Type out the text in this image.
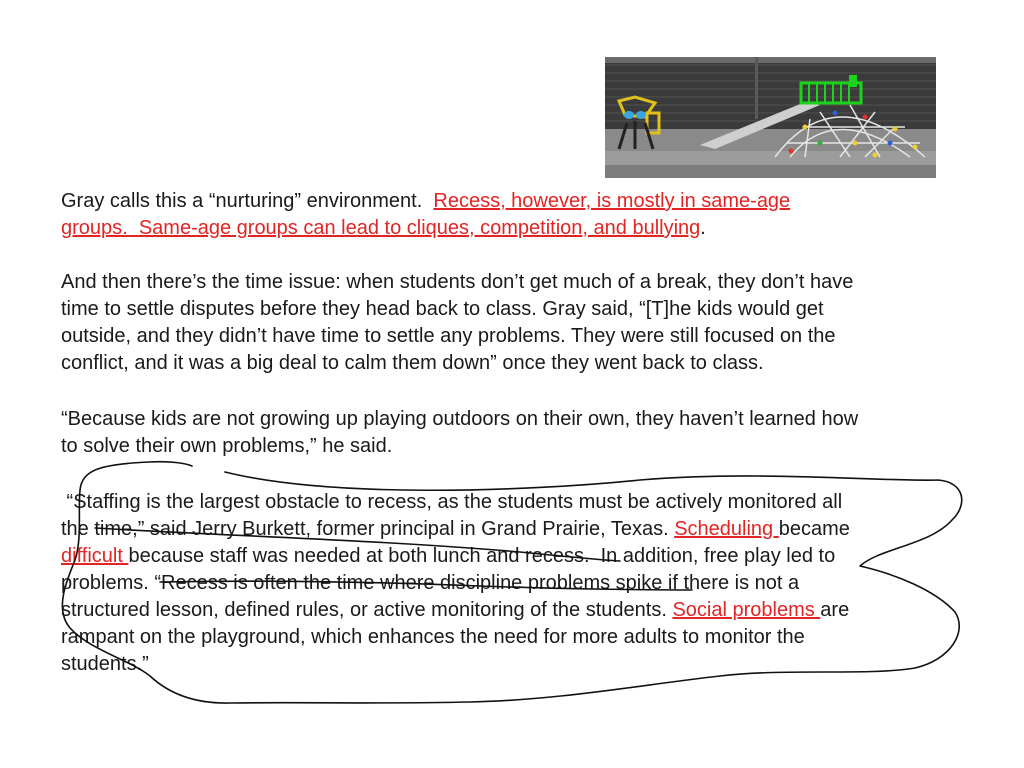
Gray calls this a “nurturing” environment.  Recess, however, is mostly in same-age
groups.  Same-age groups can lead to cliques, competition, and bullying.

And then there’s the time issue: when students don’t get much of a break, they don’t have
time to settle disputes before they head back to class. Gray said, “[T]he kids would get
outside, and they didn’t have time to settle any problems. They were still focused on the
conflict, and it was a big deal to calm them down” once they went back to class.

“Because kids are not growing up playing outdoors on their own, they haven’t learned how
to solve their own problems,” he said.

“Staffing is the largest obstacle to recess, as the students must be actively monitored all
the time,” said Jerry Burkett, former principal in Grand Prairie, Texas. Scheduling became
difficult because staff was needed at both lunch and recess.  In addition, free play led to
problems. “Recess is often the time where discipline problems spike if there is not a
structured lesson, defined rules, or active monitoring of the students. Social problems are
rampant on the playground, which enhances the need for more adults to monitor the
students.”
